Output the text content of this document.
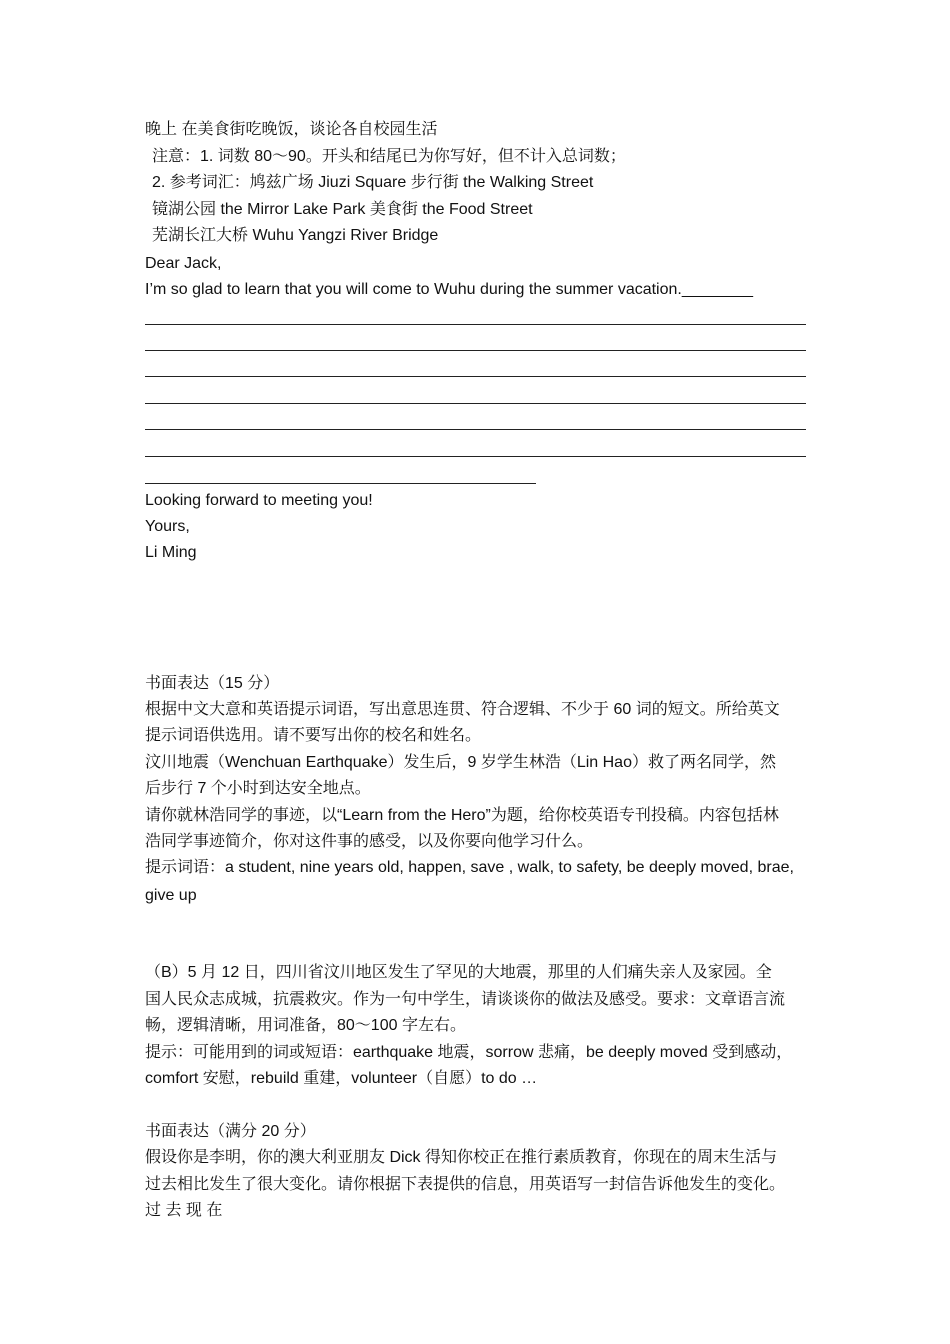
晚上 在美食街吃晚饭，谈论各自校园生活
注意：1. 词数 80～90。开头和结尾已为你写好，但不计入总词数；
2. 参考词汇：鸠兹广场 Jiuzi Square 步行街 the Walking Street
镜湖公园 the Mirror Lake Park 美食街 the Food Street
芜湖长江大桥 Wuhu Yangzi River Bridge
Dear Jack,
I’m so glad to learn that you will come to Wuhu during the summer vacation.________
Looking forward to meeting you!
Yours,
Li Ming
书面表达（15 分）
根据中文大意和英语提示词语，写出意思连贯、符合逻辑、不少于 60 词的短文。所给英文
提示词语供选用。请不要写出你的校名和姓名。
汶川地震（Wenchuan Earthquake）发生后，9 岁学生林浩（Lin Hao）救了两名同学，然
后步行 7 个小时到达安全地点。
请你就林浩同学的事迹，以“Learn from the Hero”为题，给你校英语专刊投稿。内容包括林
浩同学事迹简介，你对这件事的感受，以及你要向他学习什么。
提示词语：a student, nine years old, happen, save , walk, to safety, be deeply moved, brae,
give up
（B）5 月 12 日，四川省汶川地区发生了罕见的大地震，那里的人们痛失亲人及家园。全
国人民众志成城，抗震救灾。作为一句中学生，请谈谈你的做法及感受。要求：文章语言流
畅，逻辑清晰，用词准备，80～100 字左右。
提示：可能用到的词或短语：earthquake 地震，sorrow 悲痛，be deeply moved 受到感动，
comfort 安慰，rebuild 重建，volunteer（自愿）to do …
书面表达（满分 20 分）
假设你是李明，你的澳大利亚朋友 Dick 得知你校正在推行素质教育，你现在的周末生活与
过去相比发生了很大变化。请你根据下表提供的信息，用英语写一封信告诉他发生的变化。
过 去 现 在
